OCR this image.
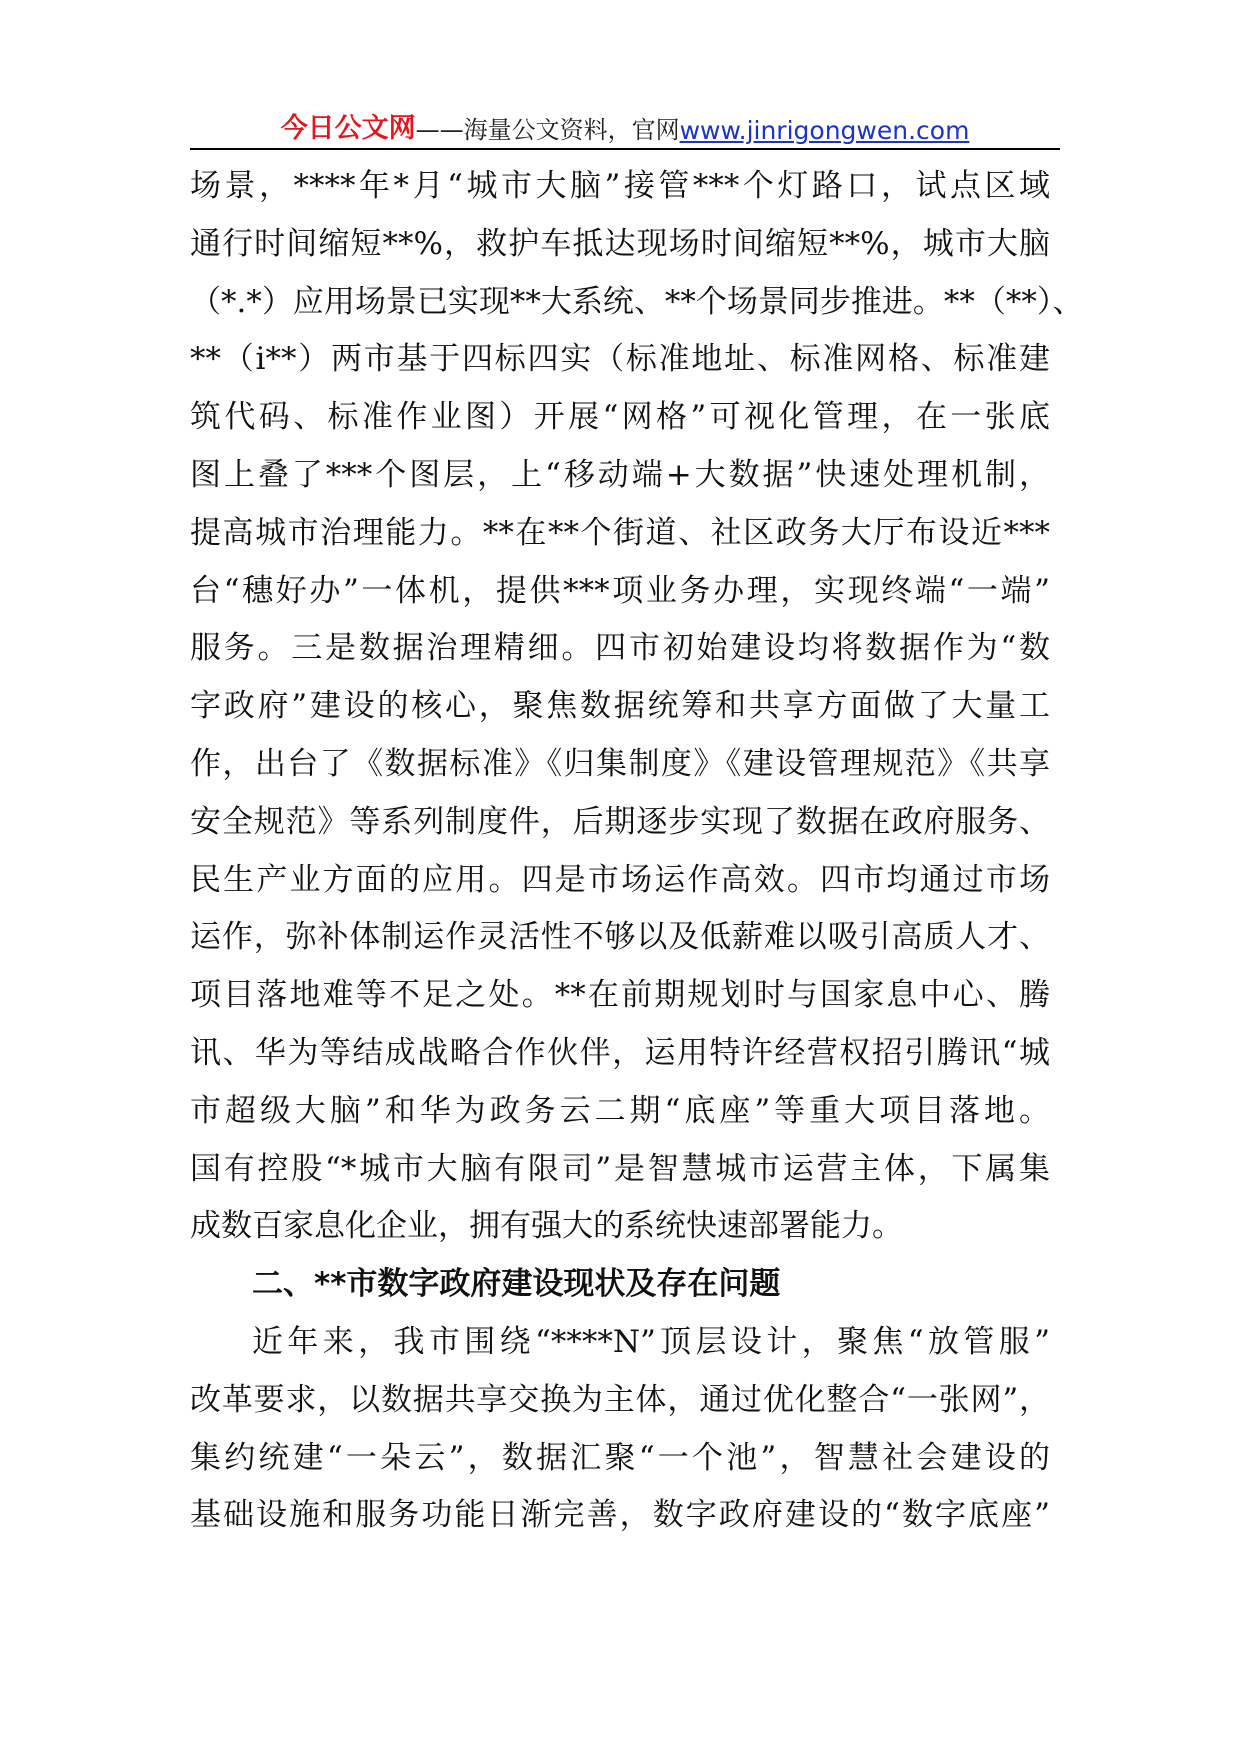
今日公文网 ——海量公文资料，官网 www.jinrigongwen.com
场景，****年*月“城市大脑”接管***个灯路口，试点区域
通行时间缩短**%，救护车抵达现场时间缩短**%，城市大脑
（*.*）应用场景已实现**大系统、**个场景同步推进。**（**）、
**（i**）两市基于四标四实（标准地址、标准网格、标准建
筑代码、标准作业图）开展“网格”可视化管理，在一张底
图上叠了***个图层，上“移动端+大数据”快速处理机制，
提高城市治理能力。**在**个街道、社区政务大厅布设近***
台“穗好办”一体机，提供***项业务办理，实现终端“一端”
服务。三是数据治理精细。四市初始建设均将数据作为“数
字政府”建设的核心，聚焦数据统筹和共享方面做了大量工
作，出台了《数据标准》《归集制度》《建设管理规范》《共享
安全规范》等系列制度件，后期逐步实现了数据在政府服务、
民生产业方面的应用。四是市场运作高效。四市均通过市场
运作，弥补体制运作灵活性不够以及低薪难以吸引高质人才、
项目落地难等不足之处。**在前期规划时与国家息中心、腾
讯、华为等结成战略合作伙伴，运用特许经营权招引腾讯“城
市超级大脑”和华为政务云二期“底座”等重大项目落地。
国有控股“*城市大脑有限司”是智慧城市运营主体，下属集
成数百家息化企业，拥有强大的系统快速部署能力。
二、**市数字政府建设现状及存在问题
近年来，我市围绕“****N”顶层设计，聚焦“放管服”
改革要求，以数据共享交换为主体，通过优化整合“一张网”，
集约统建“一朵云”，数据汇聚“一个池”，智慧社会建设的
基础设施和服务功能日渐完善，数字政府建设的“数字底座”
